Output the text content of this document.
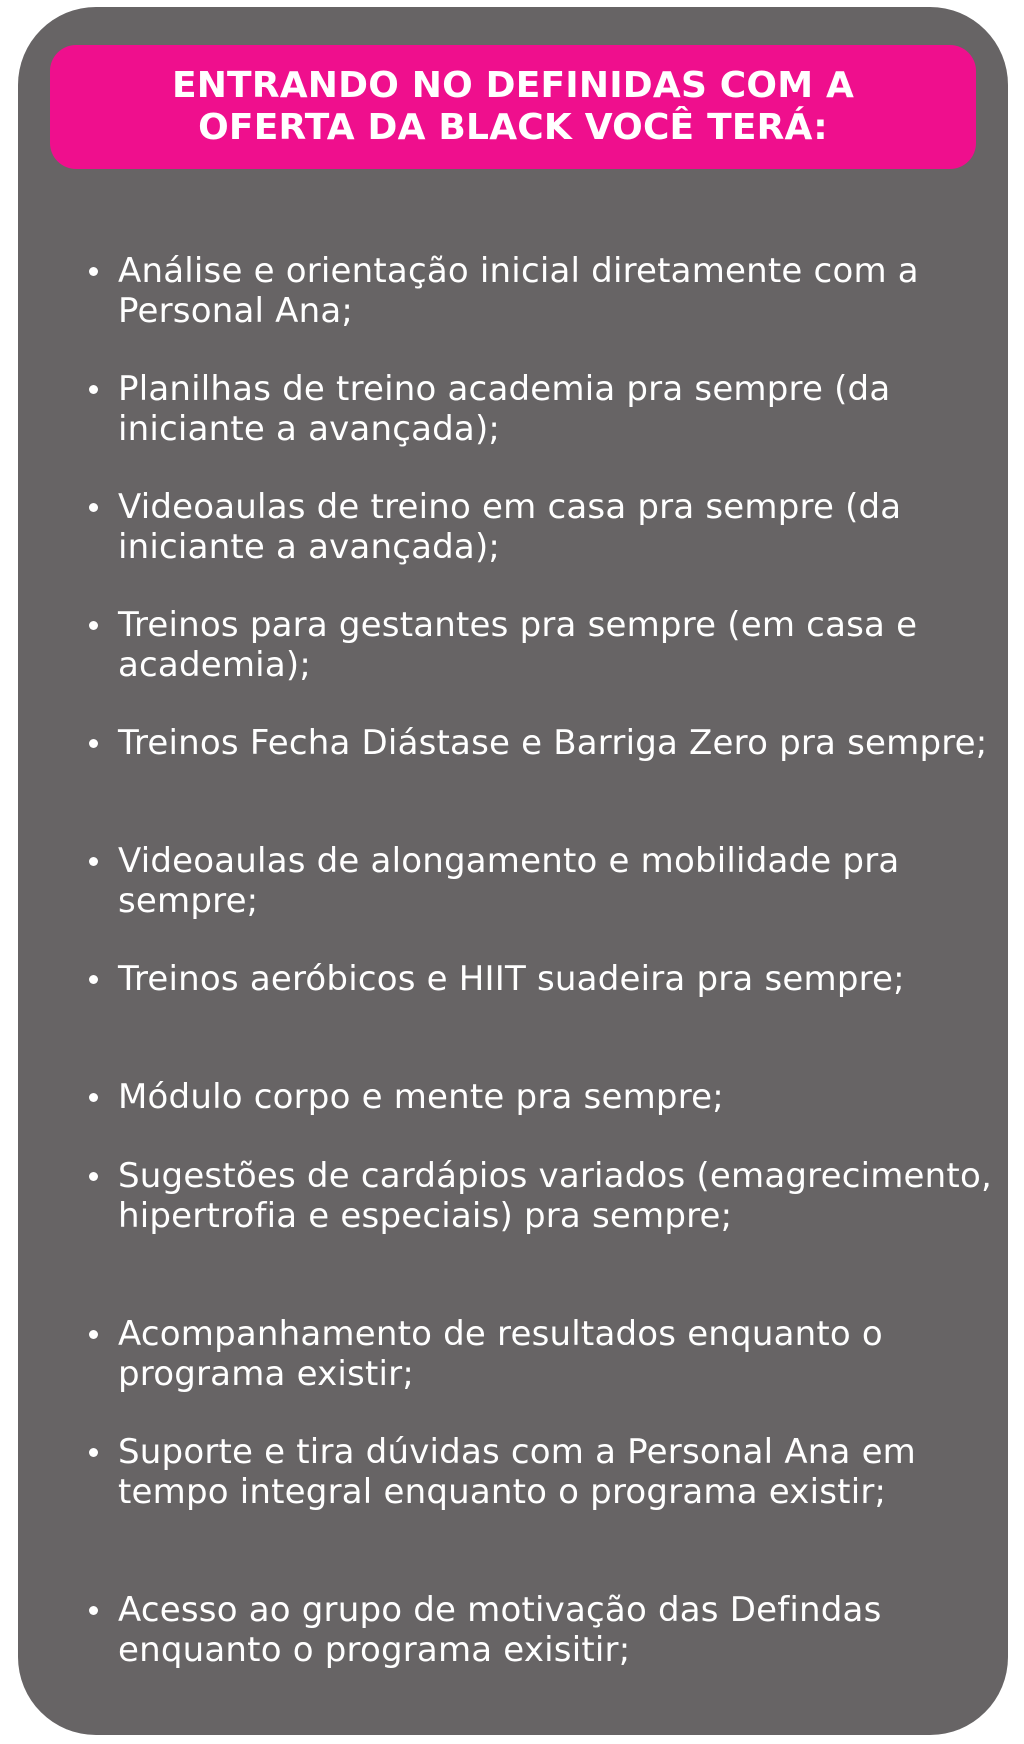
ENTRANDO NO DEFINIDAS COM A
OFERTA DA BLACK VOCÊ TERÁ:
Análise e orientação inicial diretamente com a Personal Ana;
Planilhas de treino academia pra sempre (da iniciante a avançada);
Videoaulas de treino em casa pra sempre (da iniciante a avançada);
Treinos para gestantes pra sempre (em casa e academia);
Treinos Fecha Diástase e Barriga Zero pra sempre;
Videoaulas de alongamento e mobilidade pra sempre;
Treinos aeróbicos e HIIT suadeira pra sempre;
Módulo corpo e mente pra sempre;
Sugestões de cardápios variados (emagrecimento, hipertrofia e especiais) pra sempre;
Acompanhamento de resultados enquanto o programa existir;
Suporte e tira dúvidas com a Personal Ana em tempo integral enquanto o programa existir;
Acesso ao grupo de motivação das Defindas enquanto o programa exisitir;
